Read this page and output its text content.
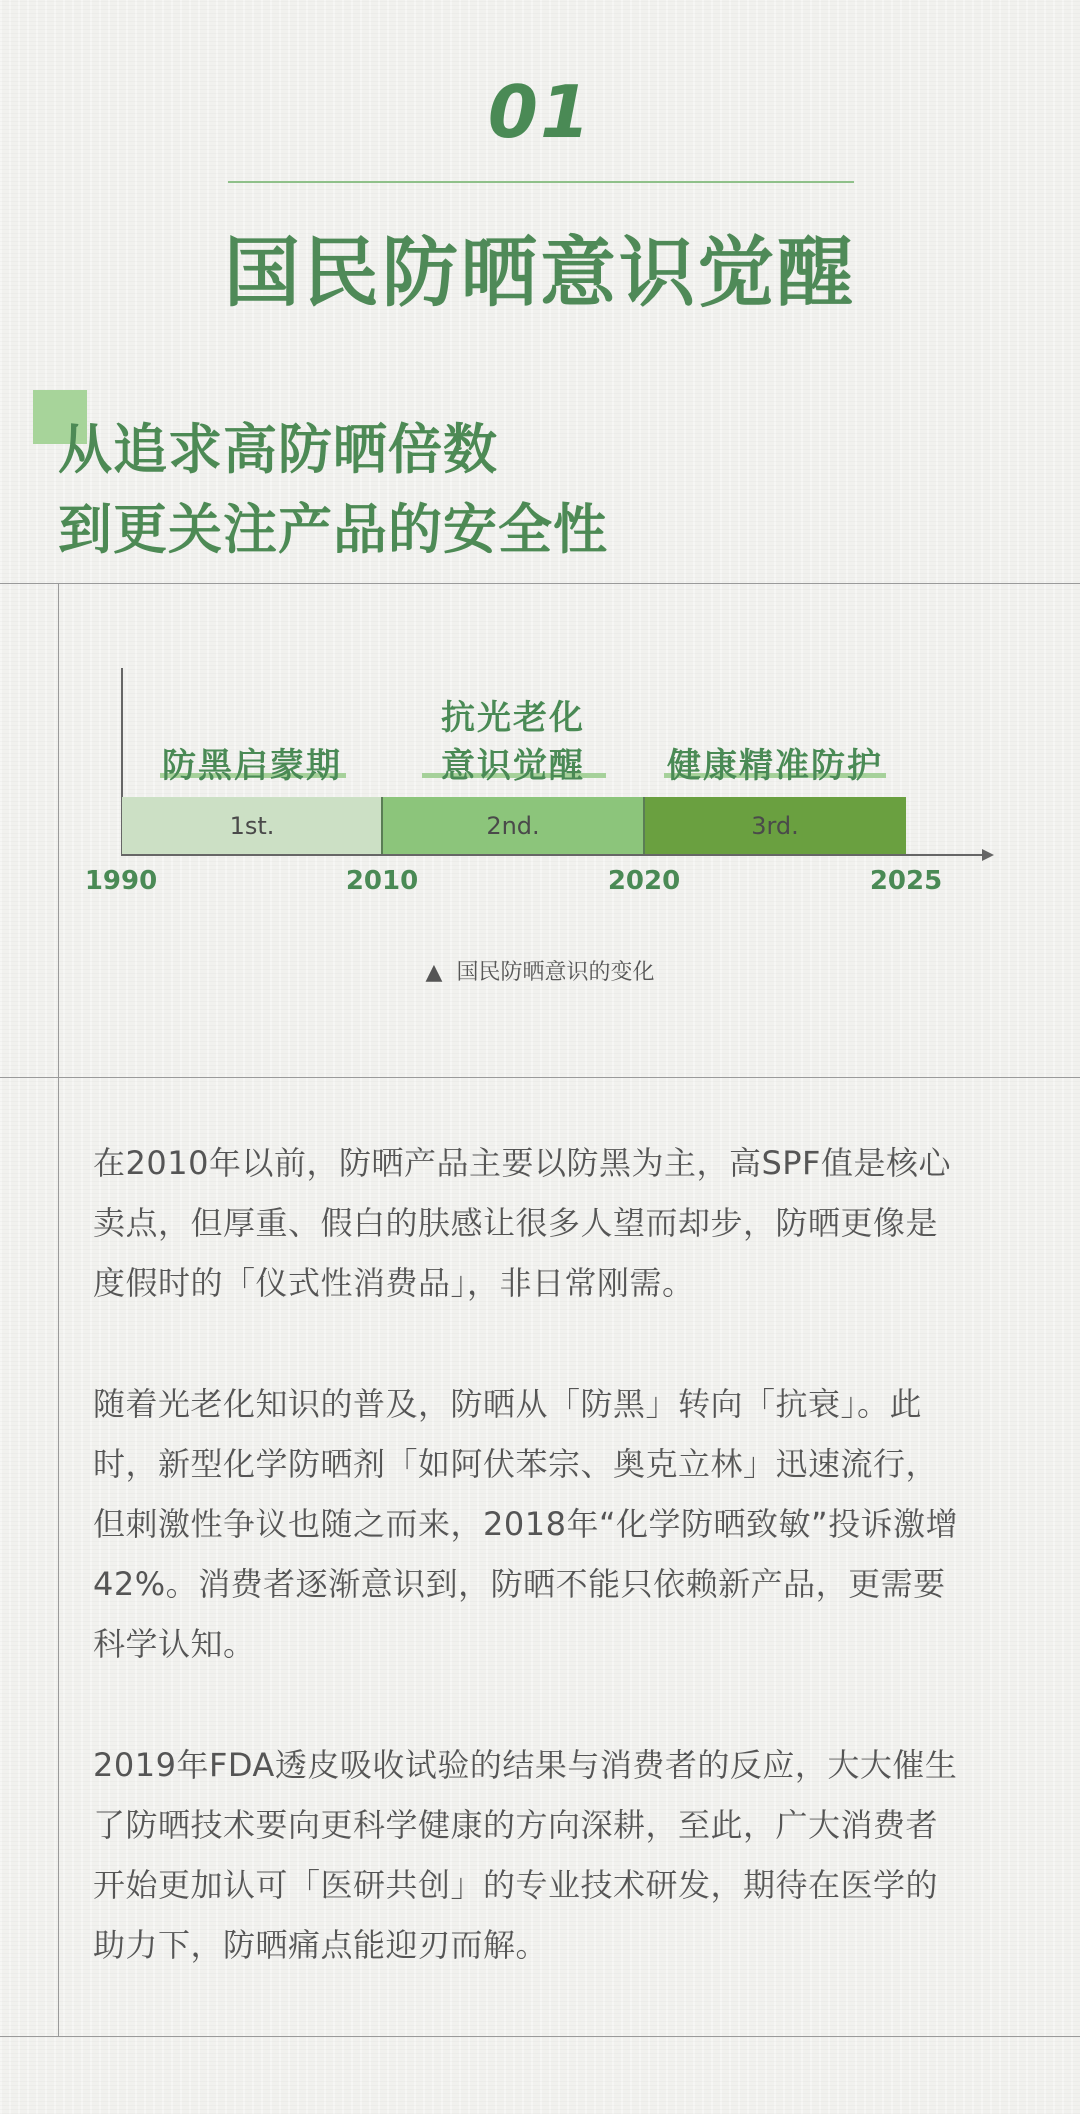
01
国民防晒意识觉醒
从追求高防晒倍数
到更关注产品的安全性
1st.	2nd.	3rd.
防黑启蒙期
抗光老化
意识觉醒	健康精准防护
1990	2010	2020	2025
▲ 国民防晒意识的变化
在2010年以前，防晒产品主要以防黑为主，高SPF值是核心
卖点，但厚重、假白的肤感让很多人望而却步，防晒更像是
度假时的「仪式性消费品」，非日常刚需。
随着光老化知识的普及，防晒从「防黑」转向「抗衰」。此
时，新型化学防晒剂「如阿伏苯宗、奥克立林」迅速流行，
但刺激性争议也随之而来，2018年“化学防晒致敏”投诉激增
42%。消费者逐渐意识到，防晒不能只依赖新产品，更需要
科学认知。
2019年FDA透皮吸收试验的结果与消费者的反应，大大催生
了防晒技术要向更科学健康的方向深耕，至此，广大消费者
开始更加认可「医研共创」的专业技术研发，期待在医学的
助力下，防晒痛点能迎刃而解。
